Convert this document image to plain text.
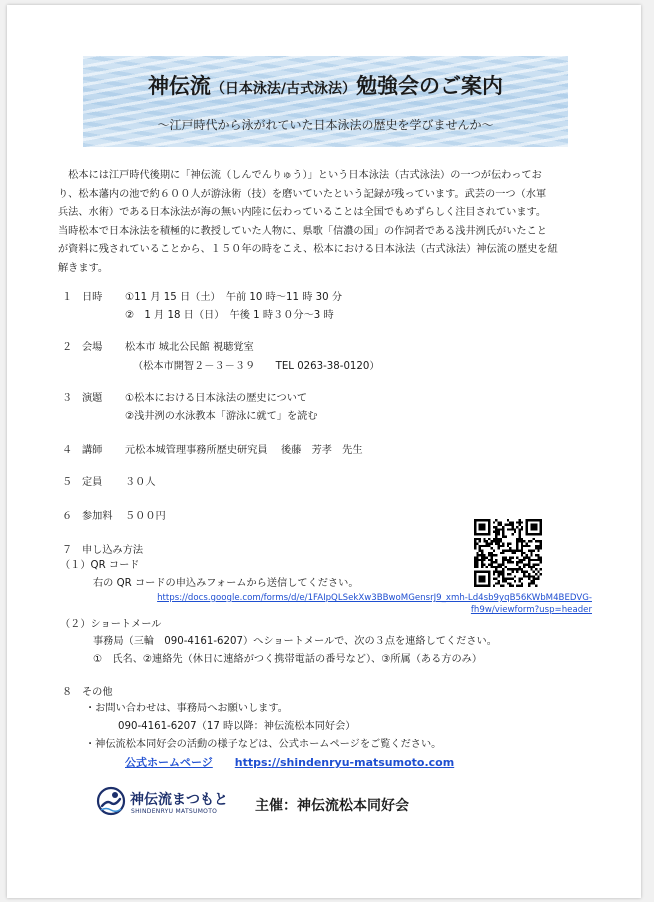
神伝流（日本泳法/古式泳法）勉強会のご案内
～江戸時代から泳がれていた日本泳法の歴史を学びませんか～

　松本には江戸時代後期に「神伝流（しんでんりゅう）」という日本泳法（古式泳法）の一つが伝わってお

り、松本藩内の池で約６００人が游泳術（技）を磨いていたという記録が残っています。武芸の一つ（水軍

兵法、水術）である日本泳法が海の無い内陸に伝わっていることは全国でもめずらしく注目されています。

当時松本で日本泳法を積極的に教授していた人物に、県歌「信濃の国」の作詞者である浅井洌氏がいたこと

が資料に残されていることから、１５０年の時をこえ、松本における日本泳法（古式泳法）神伝流の歴史を紐

解きます。

１ 日時 ①11 月 15 日（土）　午前 10 時～11 時 30 分
②　1 月 18 日（日）　午後 1 時３０分～3 時
２ 会場 松本市 城北公民館 視聴覚室
（松本市開智２－３－３９　　TEL 0263-38-0120）
３ 演題 ①松本における日本泳法の歴史について
②浅井洌の水泳教本「游泳に就て」を読む
４ 講師 元松本城管理事務所歴史研究員　 後藤　芳孝　先生
５ 定員 ３０人
６ 参加料 ５００円
７ 申し込み方法
（１）QR コード
右の QR コードの申込みフォームから送信してください。
https://docs.google.com/forms/d/e/1FAIpQLSekXw3BBwoMGensrJ9_xmh-Ld4sb9yqB56KWbM4BEDVG-
fh9w/viewform?usp=header
（２）ショートメール
事務局（三輪　090-4161-6207）へショートメールで、次の３点を連絡してください。
①　氏名、②連絡先（休日に連絡がつく携帯電話の番号など）、③所属（ある方のみ）
８ その他
・お問い合わせは、事務局へお願いします。
090-4161-6207（17 時以降：神伝流松本同好会）
・神伝流松本同好会の活動の様子などは、公式ホームページをご覧ください。
公式ホームページ https://shindenryu-matsumoto.com
神伝流まつもと
SHINDENRYU MATSUMOTO	主催：神伝流松本同好会
